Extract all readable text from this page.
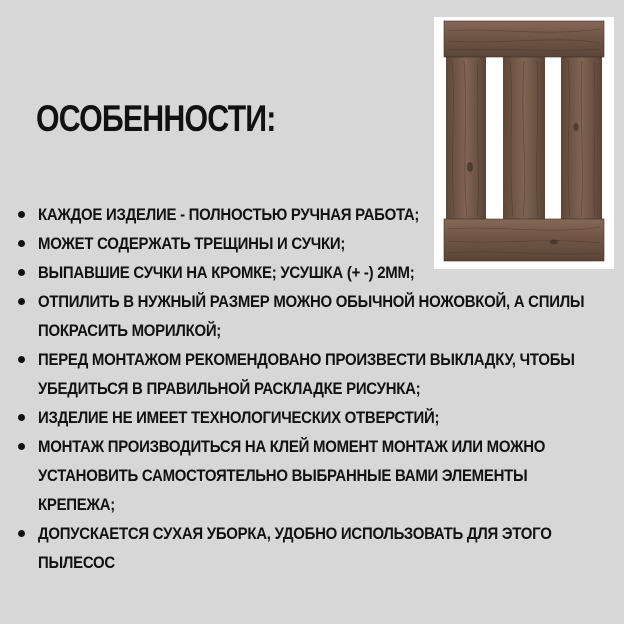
ОСОБЕННОСТИ:
КАЖДОЕ ИЗДЕЛИЕ - ПОЛНОСТЬЮ РУЧНАЯ РАБОТА;
МОЖЕТ СОДЕРЖАТЬ ТРЕЩИНЫ И СУЧКИ;
ВЫПАВШИЕ СУЧКИ НА КРОМКЕ; УСУШКА (+ -) 2ММ;
ОТПИЛИТЬ В НУЖНЫЙ РАЗМЕР МОЖНО ОБЫЧНОЙ НОЖОВКОЙ, А СПИЛЫ
ПОКРАСИТЬ МОРИЛКОЙ;
ПЕРЕД МОНТАЖОМ РЕКОМЕНДОВАНО ПРОИЗВЕСТИ ВЫКЛАДКУ, ЧТОБЫ
УБЕДИТЬСЯ В ПРАВИЛЬНОЙ РАСКЛАДКЕ РИСУНКА;
ИЗДЕЛИЕ НЕ ИМЕЕТ ТЕХНОЛОГИЧЕСКИХ ОТВЕРСТИЙ;
МОНТАЖ ПРОИЗВОДИТЬСЯ НА КЛЕЙ МОМЕНТ МОНТАЖ ИЛИ МОЖНО
УСТАНОВИТЬ САМОСТОЯТЕЛЬНО ВЫБРАННЫЕ ВАМИ ЭЛЕМЕНТЫ КРЕПЕЖА;
ДОПУСКАЕТСЯ СУХАЯ УБОРКА, УДОБНО ИСПОЛЬЗОВАТЬ ДЛЯ ЭТОГО
ПЫЛЕСОС
